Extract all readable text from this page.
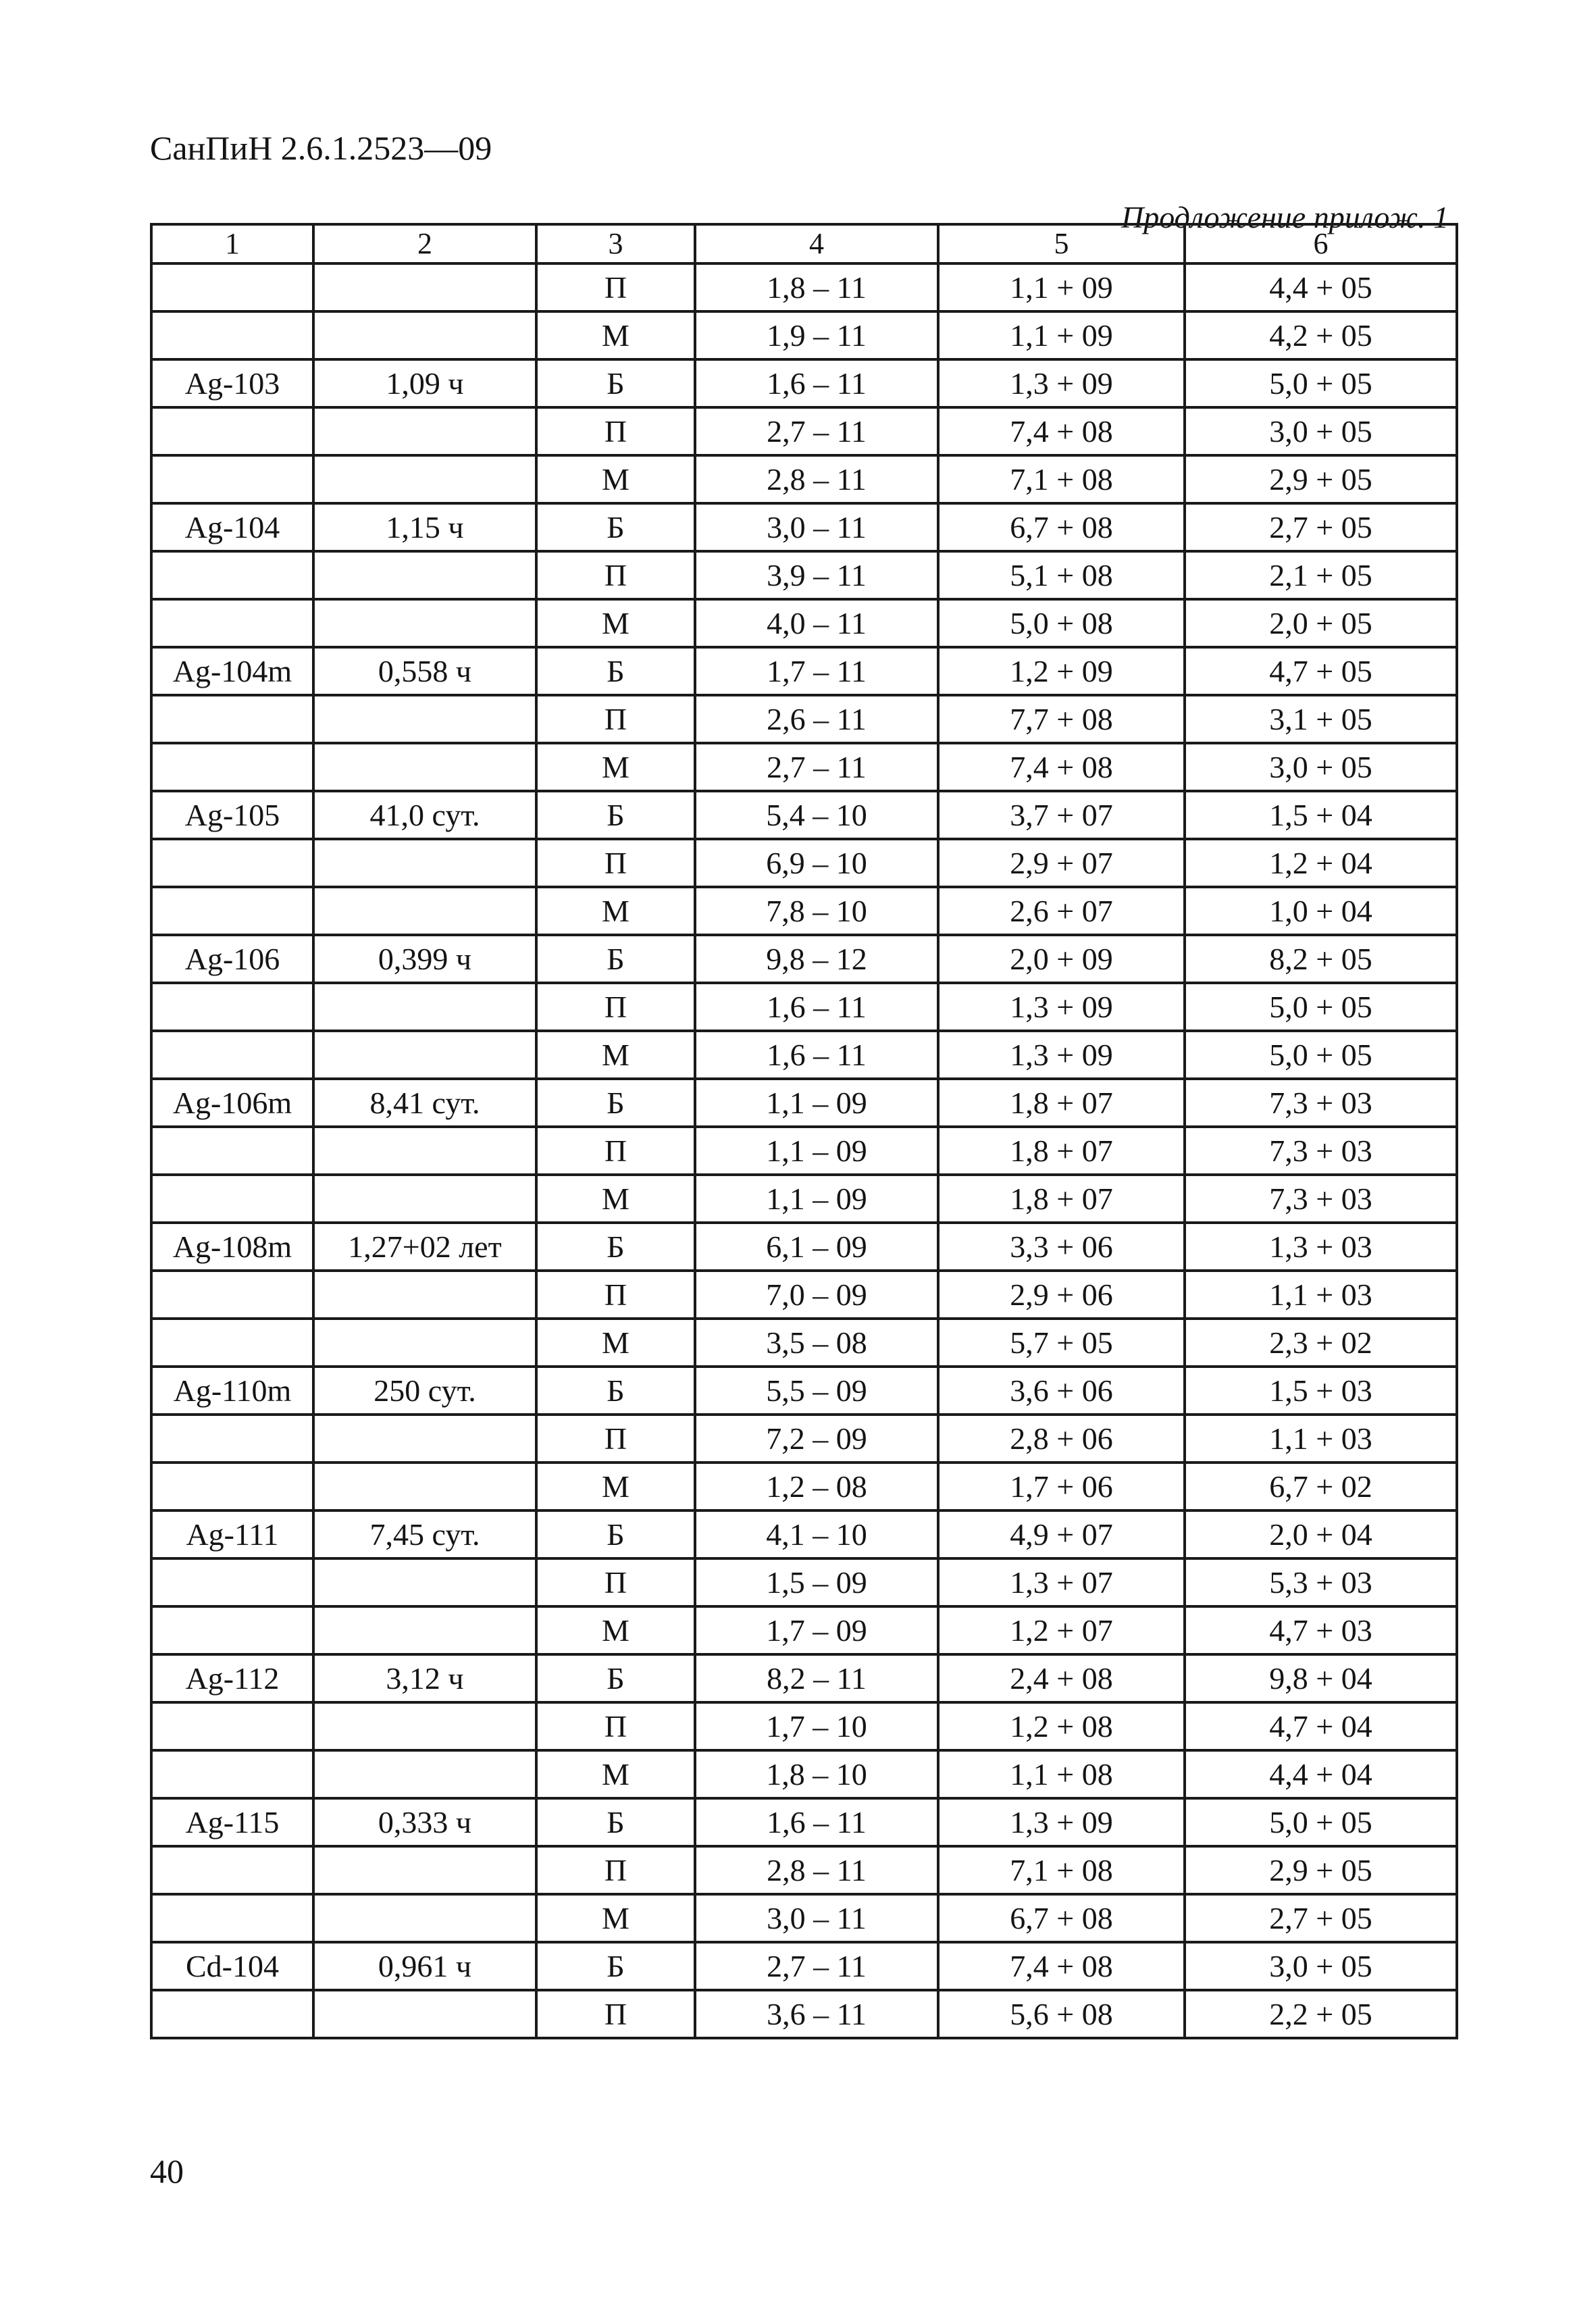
СанПиН 2.6.1.2523—09
Продложение прилож. 1
1	2	3	4	5	6
		П	1,8 – 11	1,1 + 09	4,4 + 05
		М	1,9 – 11	1,1 + 09	4,2 + 05
Ag-103	1,09 ч	Б	1,6 – 11	1,3 + 09	5,0 + 05
		П	2,7 – 11	7,4 + 08	3,0 + 05
		М	2,8 – 11	7,1 + 08	2,9 + 05
Ag-104	1,15 ч	Б	3,0 – 11	6,7 + 08	2,7 + 05
		П	3,9 – 11	5,1 + 08	2,1 + 05
		М	4,0 – 11	5,0 + 08	2,0 + 05
Ag-104m	0,558 ч	Б	1,7 – 11	1,2 + 09	4,7 + 05
		П	2,6 – 11	7,7 + 08	3,1 + 05
		М	2,7 – 11	7,4 + 08	3,0 + 05
Ag-105	41,0 сут.	Б	5,4 – 10	3,7 + 07	1,5 + 04
		П	6,9 – 10	2,9 + 07	1,2 + 04
		М	7,8 – 10	2,6 + 07	1,0 + 04
Ag-106	0,399 ч	Б	9,8 – 12	2,0 + 09	8,2 + 05
		П	1,6 – 11	1,3 + 09	5,0 + 05
		М	1,6 – 11	1,3 + 09	5,0 + 05
Ag-106m	8,41 сут.	Б	1,1 – 09	1,8 + 07	7,3 + 03
		П	1,1 – 09	1,8 + 07	7,3 + 03
		М	1,1 – 09	1,8 + 07	7,3 + 03
Ag-108m	1,27+02 лет	Б	6,1 – 09	3,3 + 06	1,3 + 03
		П	7,0 – 09	2,9 + 06	1,1 + 03
		М	3,5 – 08	5,7 + 05	2,3 + 02
Ag-110m	250 сут.	Б	5,5 – 09	3,6 + 06	1,5 + 03
		П	7,2 – 09	2,8 + 06	1,1 + 03
		М	1,2 – 08	1,7 + 06	6,7 + 02
Ag-111	7,45 сут.	Б	4,1 – 10	4,9 + 07	2,0 + 04
		П	1,5 – 09	1,3 + 07	5,3 + 03
		М	1,7 – 09	1,2 + 07	4,7 + 03
Ag-112	3,12 ч	Б	8,2 – 11	2,4 + 08	9,8 + 04
		П	1,7 – 10	1,2 + 08	4,7 + 04
		М	1,8 – 10	1,1 + 08	4,4 + 04
Ag-115	0,333 ч	Б	1,6 – 11	1,3 + 09	5,0 + 05
		П	2,8 – 11	7,1 + 08	2,9 + 05
		М	3,0 – 11	6,7 + 08	2,7 + 05
Cd-104	0,961 ч	Б	2,7 – 11	7,4 + 08	3,0 + 05
		П	3,6 – 11	5,6 + 08	2,2 + 05
40
